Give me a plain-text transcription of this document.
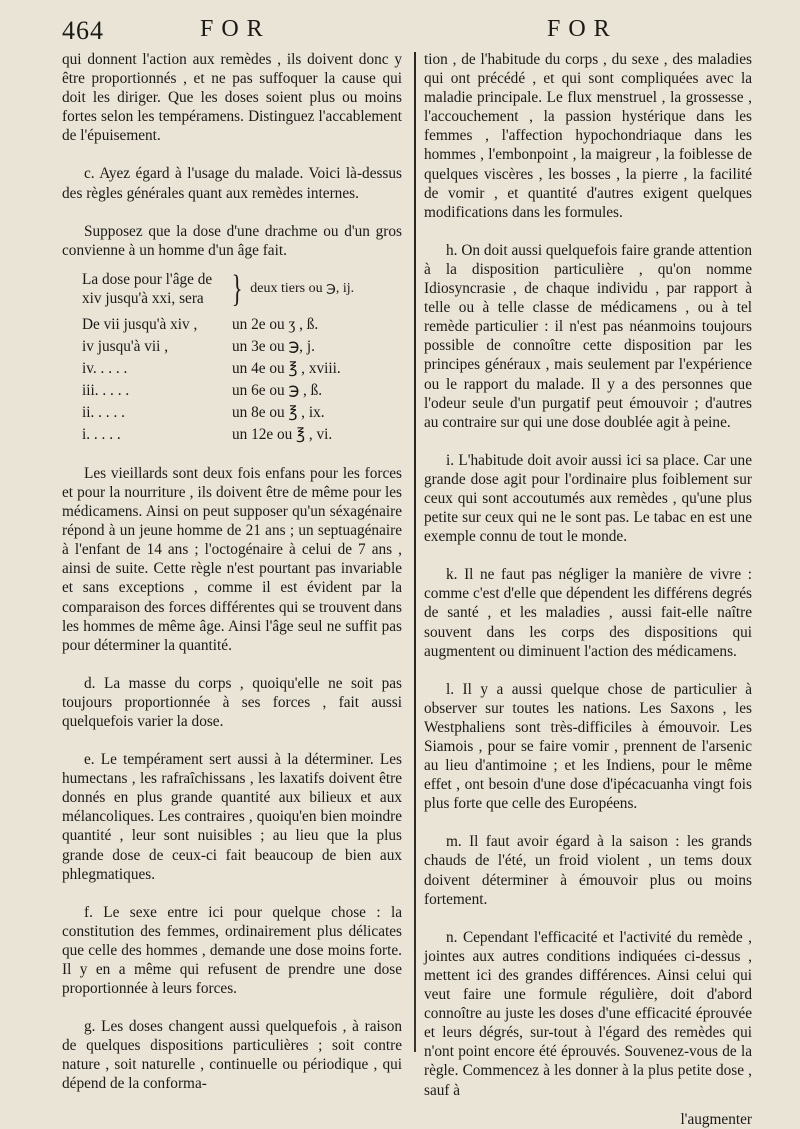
464	FOR	FOR

qui donnent l'action aux remèdes , ils doivent donc y être proportionnés , et ne pas suffoquer la cause qui doit les diriger. Que les doses soient plus ou moins fortes selon les tempéramens. Distinguez l'accablement de l'épuisement.

c. Ayez égard à l'usage du malade. Voici là-dessus des règles générales quant aux remèdes internes.

Supposez que la dose d'une drachme ou d'un gros convienne à un homme d'un âge fait.

La dose pour l'âge de xiv jusqu'à xxi, sera } deux tiers ou ℈, ij.
De vii jusqu'à xiv ,	un 2e ou ʒ , ß.
iv jusqu'à vii ,	un 3e ou ℈, j.
iv. . . . .	un 4e ou ℥ , xviii.
iii. . . . .	un 6e ou ℈ , ß.
ii. . . . .	un 8e ou ℥ , ix.
i. . . . .	un 12e ou ℥ , vi.

Les vieillards sont deux fois enfans pour les forces et pour la nourriture , ils doivent être de même pour les médicamens. Ainsi on peut supposer qu'un séxagénaire répond à un jeune homme de 21 ans ; un septuagénaire à l'enfant de 14 ans ; l'octogénaire à celui de 7 ans , ainsi de suite. Cette règle n'est pourtant pas invariable et sans exceptions , comme il est évident par la comparaison des forces différentes qui se trouvent dans les hommes de même âge. Ainsi l'âge seul ne suffit pas pour déterminer la quantité.

d. La masse du corps , quoiqu'elle ne soit pas toujours proportionnée à ses forces , fait aussi quelquefois varier la dose.

e. Le tempérament sert aussi à la déterminer. Les humectans , les rafraîchissans , les laxatifs doivent être donnés en plus grande quantité aux bilieux et aux mélancoliques. Les contraires , quoiqu'en bien moindre quantité , leur sont nuisibles ; au lieu que la plus grande dose de ceux-ci fait beaucoup de bien aux phlegmatiques.

f. Le sexe entre ici pour quelque chose : la constitution des femmes, ordinairement plus délicates que celle des hommes , demande une dose moins forte. Il y en a même qui refusent de prendre une dose proportionnée à leurs forces.

g. Les doses changent aussi quelquefois , à raison de quelques dispositions particulières ; soit contre nature , soit naturelle , continuelle ou périodique , qui dépend de la conforma-

tion , de l'habitude du corps , du sexe , des maladies qui ont précédé , et qui sont compliquées avec la maladie principale. Le flux menstruel , la grossesse , l'accouchement , la passion hystérique dans les femmes , l'affection hypochondriaque dans les hommes , l'embonpoint , la maigreur , la foiblesse de quelques viscères , les bosses , la pierre , la facilité de vomir , et quantité d'autres exigent quelques modifications dans les formules.

h. On doit aussi quelquefois faire grande attention à la disposition particulière , qu'on nomme Idiosyncrasie , de chaque individu , par rapport à telle ou à telle classe de médicamens , ou à tel remède particulier : il n'est pas néanmoins toujours possible de connoître cette disposition par les principes généraux , mais seulement par l'expérience ou le rapport du malade. Il y a des personnes que l'odeur seule d'un purgatif peut émouvoir ; d'autres au contraire sur qui une dose doublée agit à peine.

i. L'habitude doit avoir aussi ici sa place. Car une grande dose agit pour l'ordinaire plus foiblement sur ceux qui sont accoutumés aux remèdes , qu'une plus petite sur ceux qui ne le sont pas. Le tabac en est une exemple connu de tout le monde.

k. Il ne faut pas négliger la manière de vivre : comme c'est d'elle que dépendent les différens degrés de santé , et les maladies , aussi fait-elle naître souvent dans les corps des dispositions qui augmentent ou diminuent l'action des médicamens.

l. Il y a aussi quelque chose de particulier à observer sur toutes les nations. Les Saxons , les Westphaliens sont très-difficiles à émouvoir. Les Siamois , pour se faire vomir , prennent de l'arsenic au lieu d'antimoine ; et les Indiens, pour le même effet , ont besoin d'une dose d'ipécacuanha vingt fois plus forte que celle des Européens.

m. Il faut avoir égard à la saison : les grands chauds de l'été, un froid violent , un tems doux doivent déterminer à émouvoir plus ou moins fortement.

n. Cependant l'efficacité et l'activité du remède , jointes aux autres conditions indiquées ci-dessus , mettent ici des grandes différences. Ainsi celui qui veut faire une formule régulière, doit d'abord connoître au juste les doses d'une efficacité éprouvée et leurs dégrés, sur-tout à l'égard des remèdes qui n'ont point encore été éprouvés. Souvenez-vous de la règle. Commencez à les donner à la plus petite dose , sauf à

l'augmenter
